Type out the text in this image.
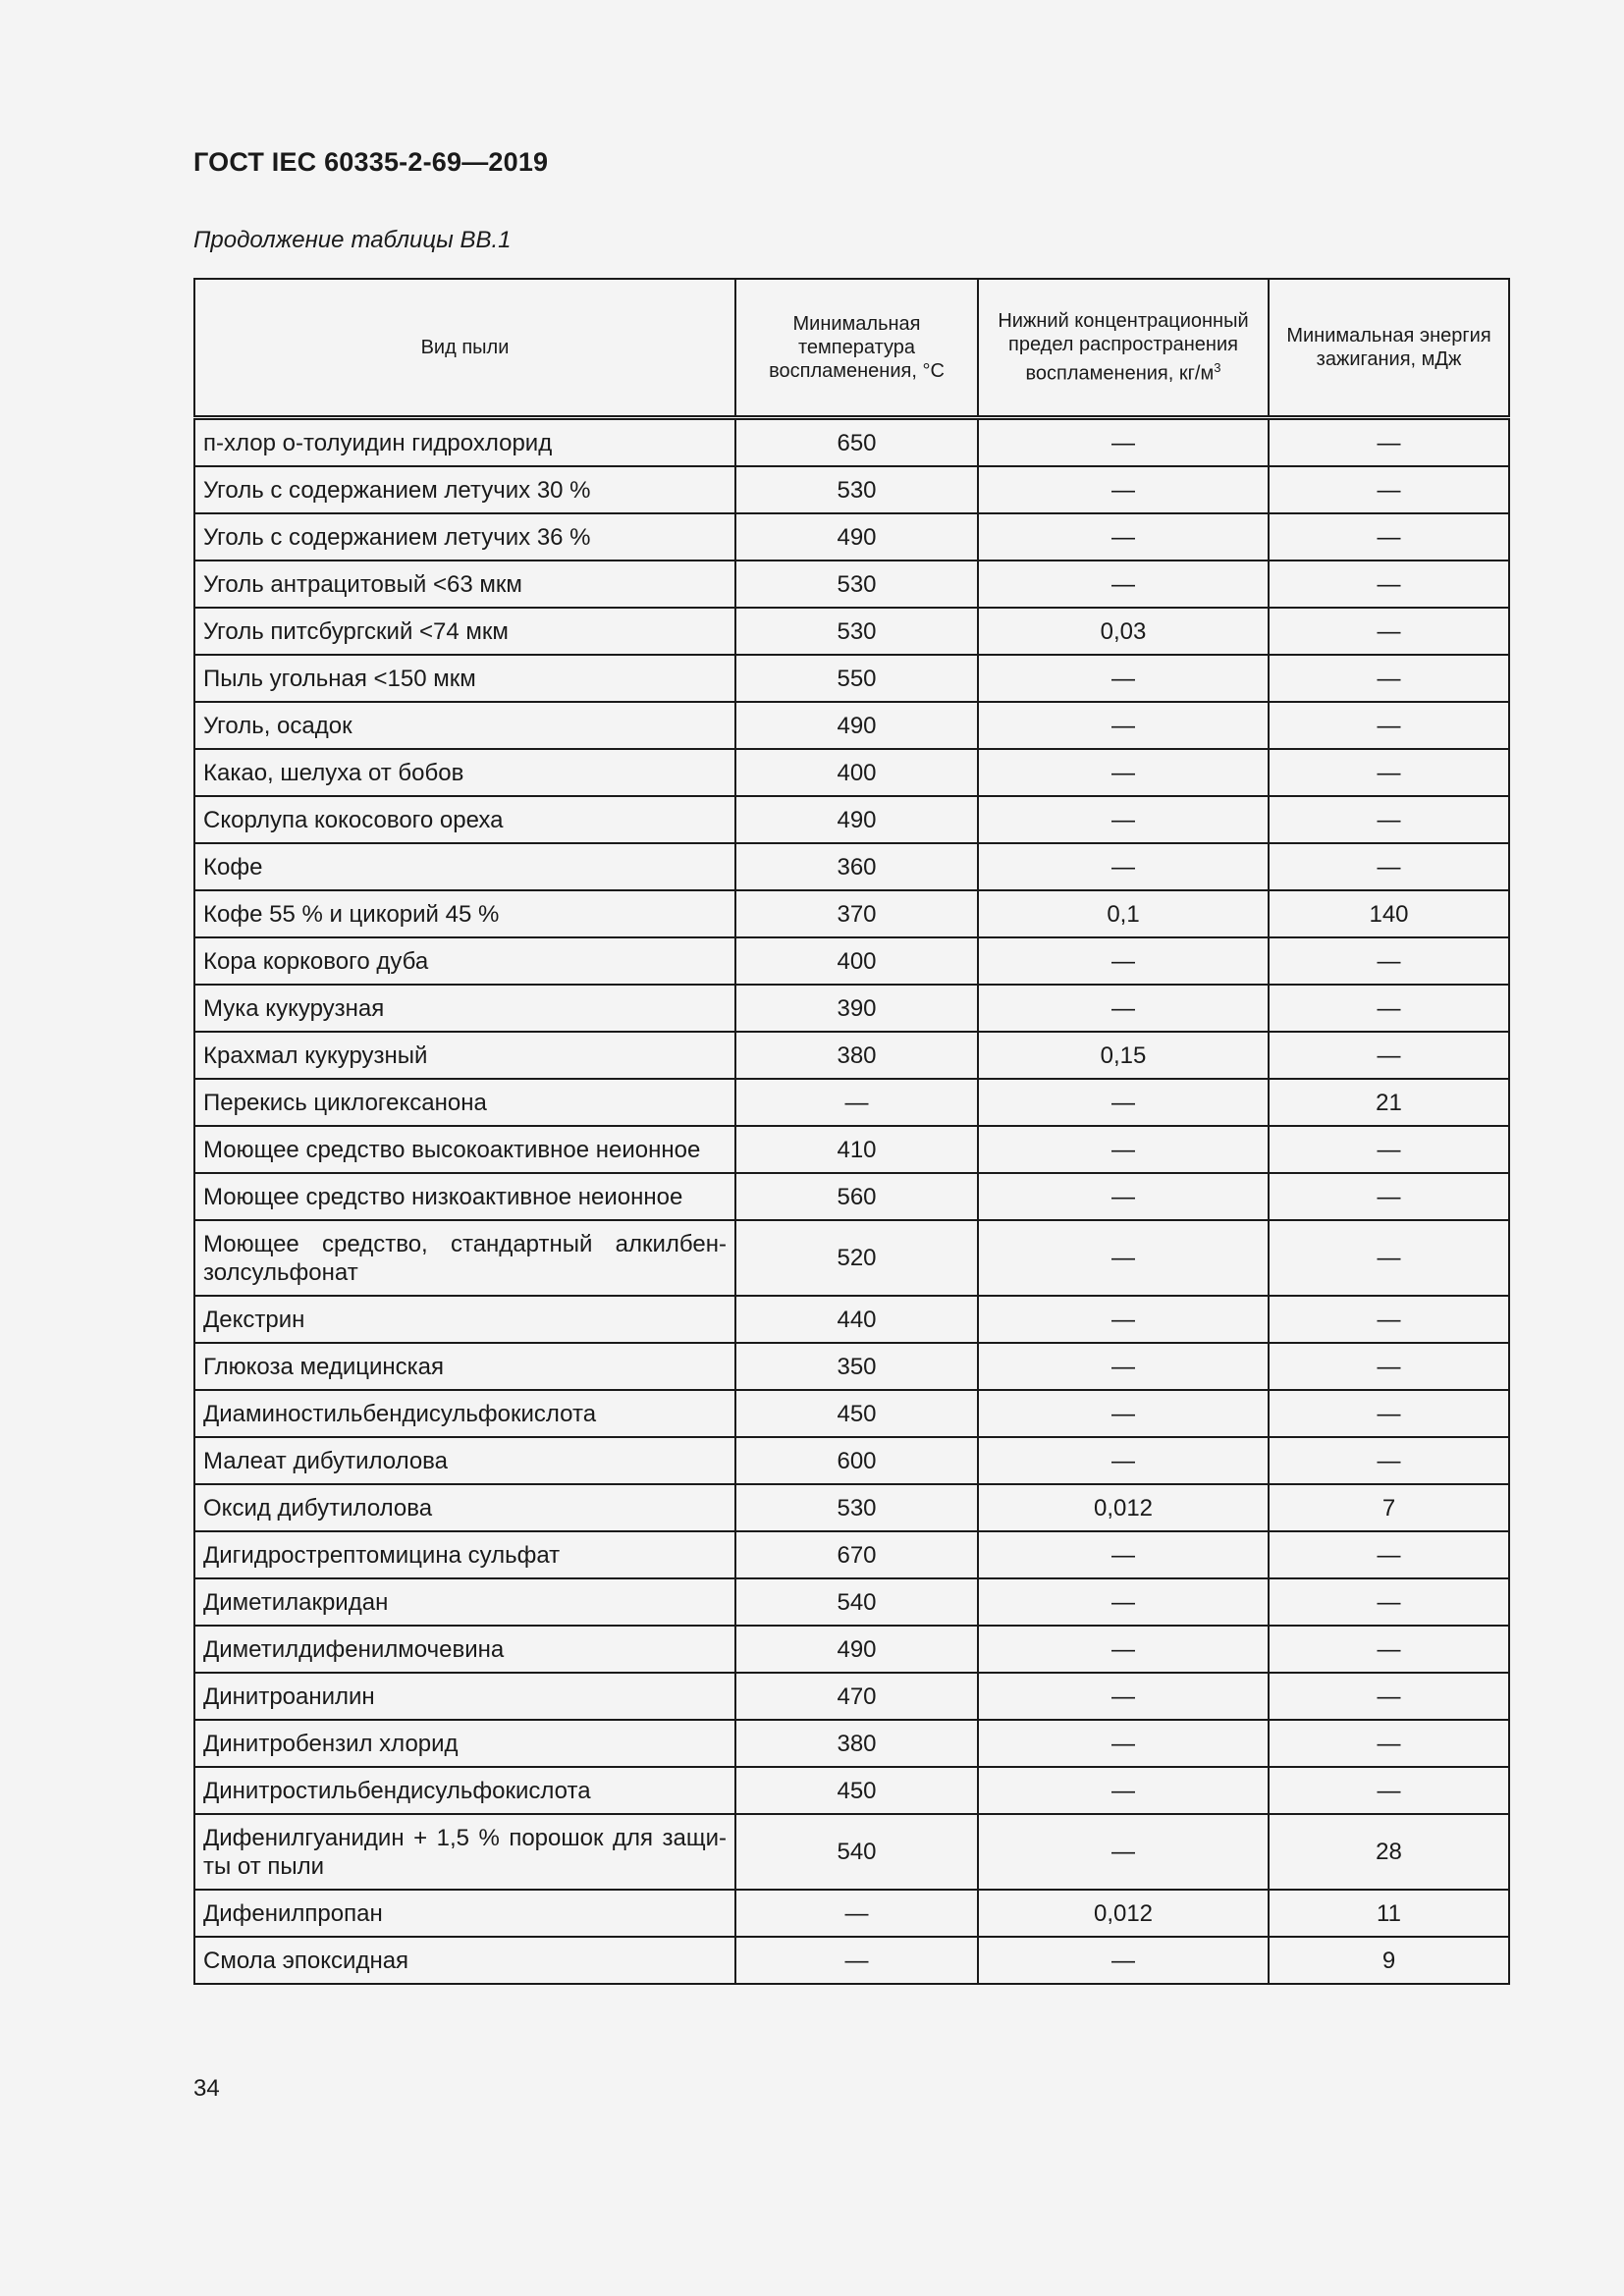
ГОСТ IEC 60335-2-69—2019
Продолжение таблицы ВВ.1
Вид пыли	Минимальная температура воспламенения, °С	Нижний концентрационный предел распространения воспламенения, $кг/м^3$	Минимальная энергия зажигания, мДж
п-хлор о-толуидин гидрохлорид	650	—	—
Уголь с содержанием летучих 30 %	530	—	—
Уголь с содержанием летучих 36 %	490	—	—
Уголь антрацитовый <63 мкм	530	—	—
Уголь питсбургский <74 мкм	530	0,03	—
Пыль угольная <150 мкм	550	—	—
Уголь, осадок	490	—	—
Какао, шелуха от бобов	400	—	—
Скорлупа кокосового ореха	490	—	—
Кофе	360	—	—
Кофе 55 % и цикорий 45 %	370	0,1	140
Кора коркового дуба	400	—	—
Мука кукурузная	390	—	—
Крахмал кукурузный	380	0,15	—
Перекись циклогексанона	—	—	21
Моющее средство высокоактивное неионное	410	—	—
Моющее средство низкоактивное неионное	560	—	—
Моющее средство, стандартный алкилбен-золсульфонат	520	—	—
Декстрин	440	—	—
Глюкоза медицинская	350	—	—
Диаминостильбендисульфокислота	450	—	—
Малеат дибутилолова	600	—	—
Оксид дибутилолова	530	0,012	7
Дигидрострептомицина сульфат	670	—	—
Диметилакридан	540	—	—
Диметилдифенилмочевина	490	—	—
Динитроанилин	470	—	—
Динитробензил хлорид	380	—	—
Динитростильбендисульфокислота	450	—	—
Дифенилгуанидин + 1,5 % порошок для защи-ты от пыли	540	—	28
Дифенилпропан	—	0,012	11
Смола эпоксидная	—	—	9
34
